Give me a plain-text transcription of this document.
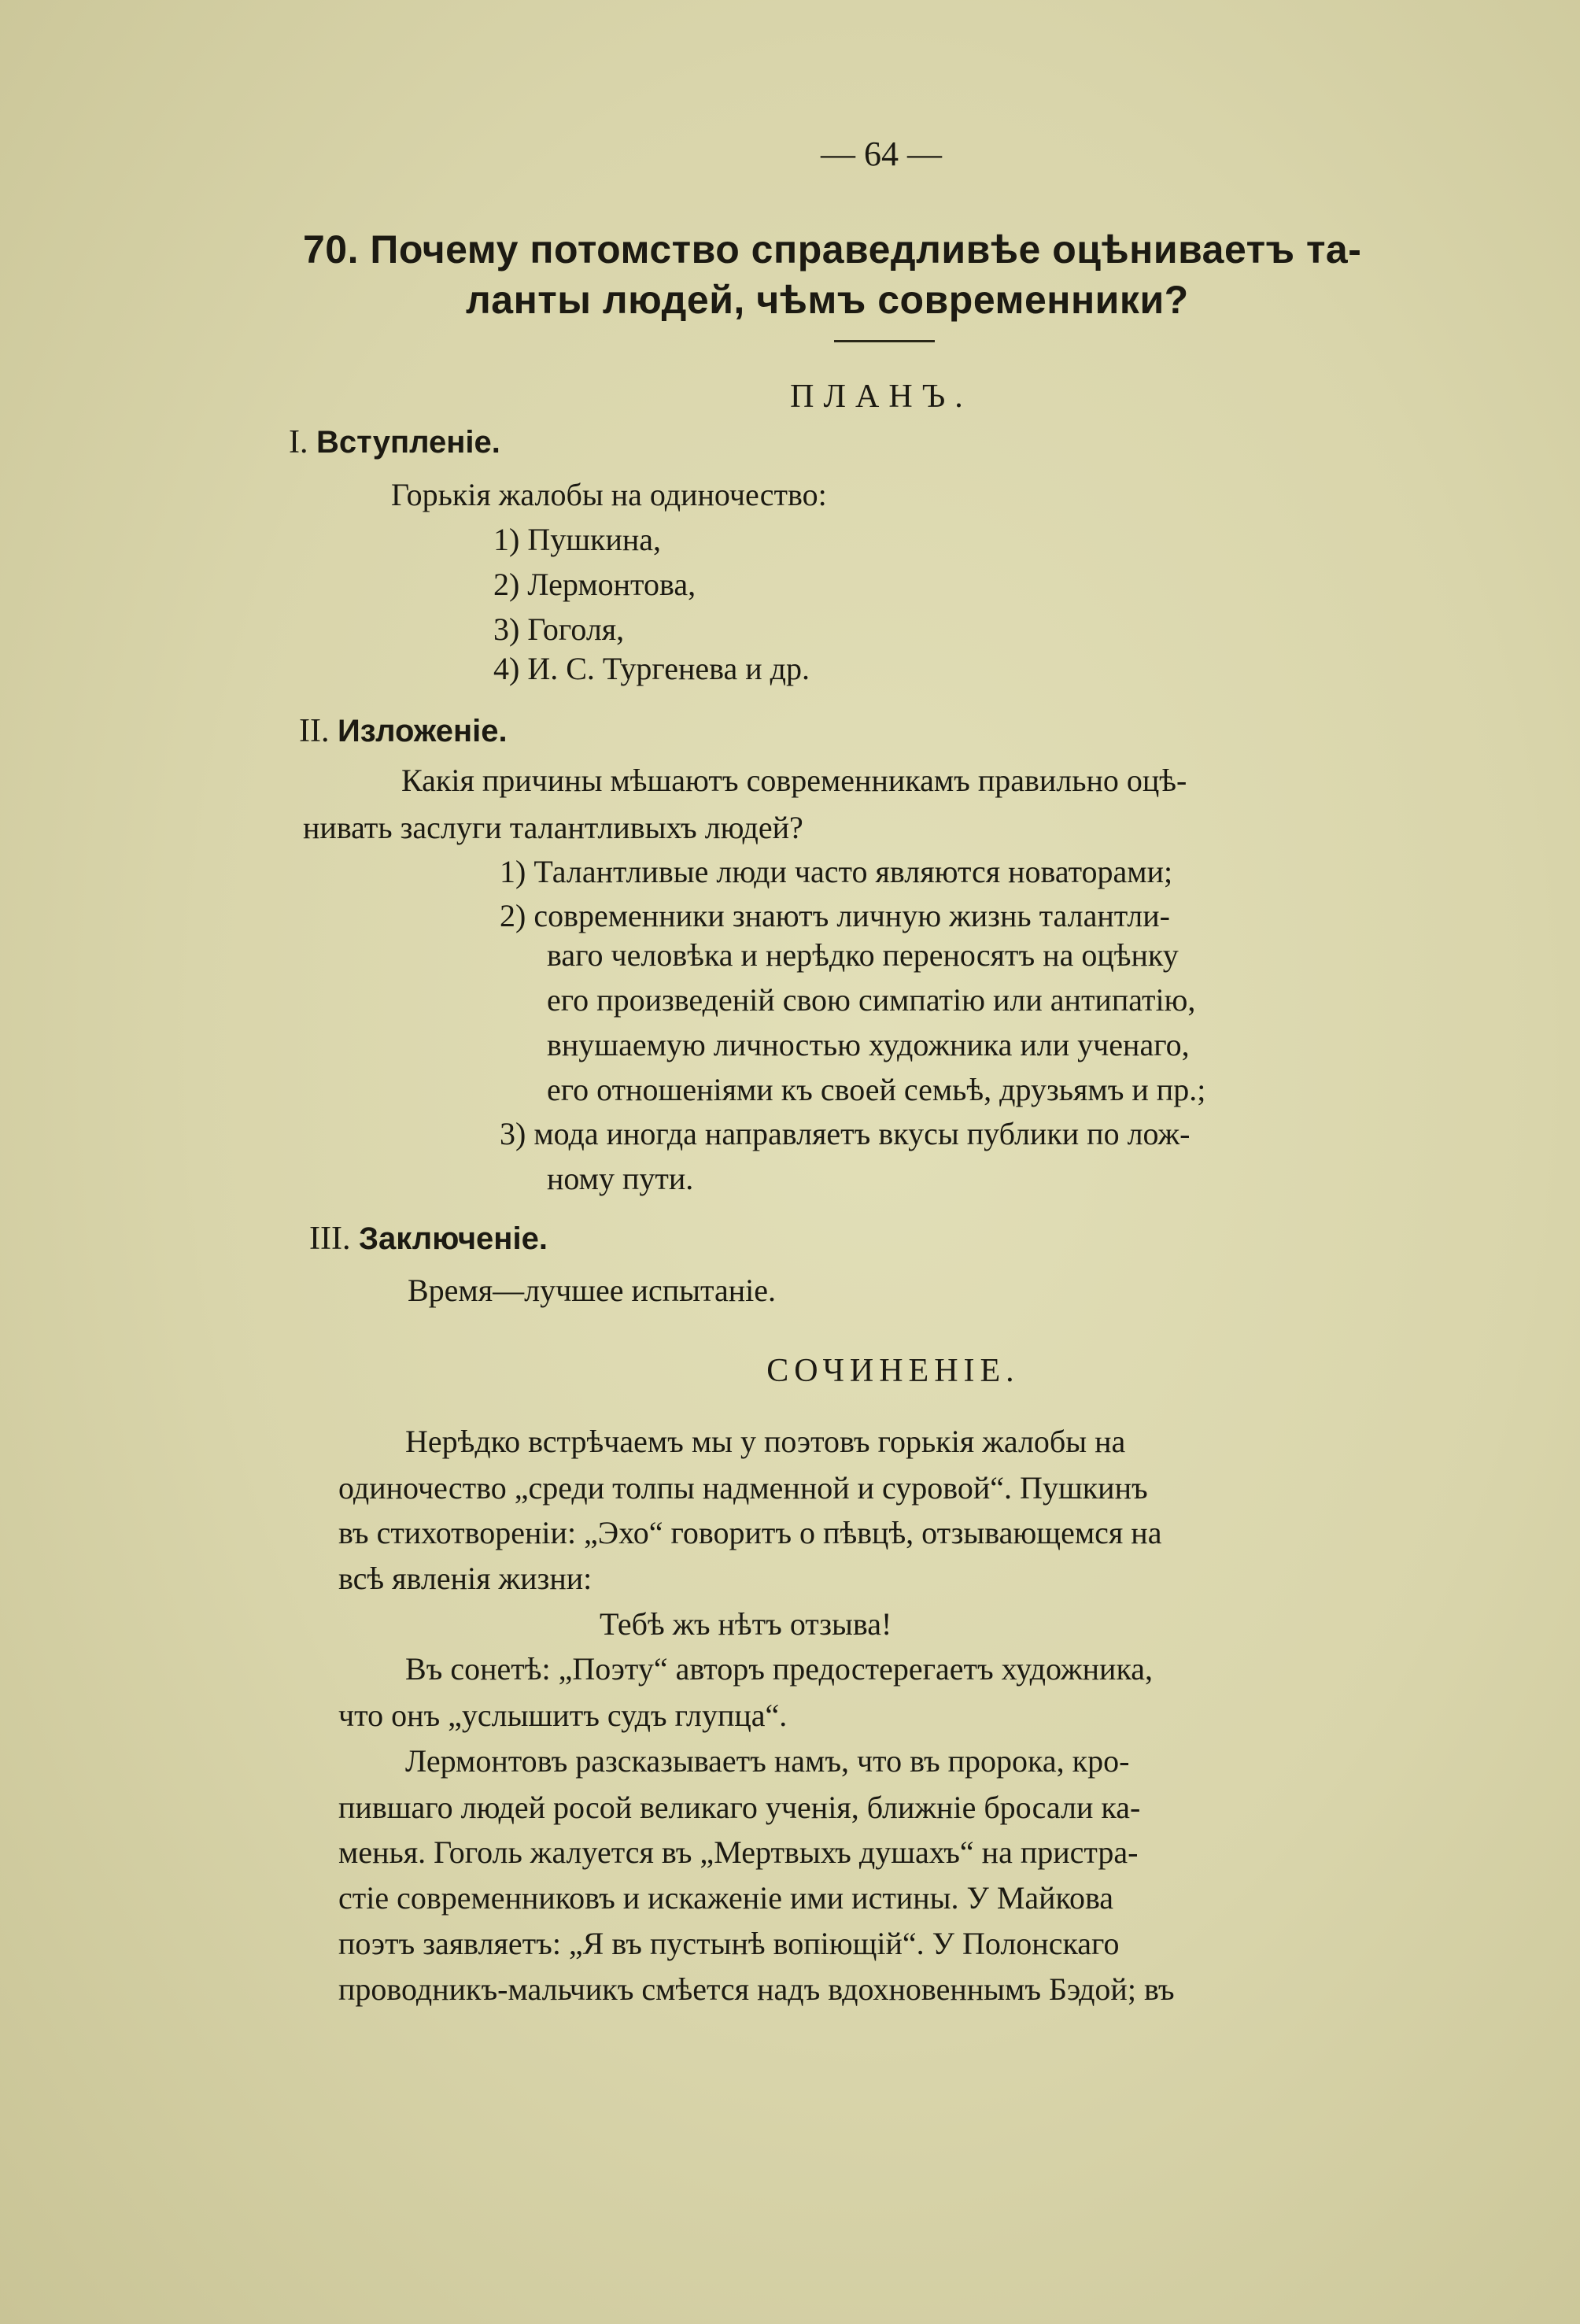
— 64 —
70. Почему потомство справедливѣе оцѣниваетъ та-
ланты людей, чѣмъ современники?
ПЛАНЪ.
I. Вступленіе.
Горькія жалобы на одиночество:
1) Пушкина,
2) Лермонтова,
3) Гоголя,
4) И. С. Тургенева и др.
II. Изложеніе.
Какія причины мѣшаютъ современникамъ правильно оцѣ-
нивать заслуги талантливыхъ людей?
1) Талантливые люди часто являются новаторами;
2) современники знаютъ личную жизнь талантли-
ваго человѣка и нерѣдко переносятъ на оцѣнку
его произведеній свою симпатію или антипатію,
внушаемую личностью художника или ученаго,
его отношеніями къ своей семьѣ, друзьямъ и пр.;
3) мода иногда направляетъ вкусы публики по лож-
ному пути.
III. Заключеніе.
Время—лучшее испытаніе.
СОЧИНЕНІЕ.
Нерѣдко встрѣчаемъ мы у поэтовъ горькія жалобы на
одиночество „среди толпы надменной и суровой“. Пушкинъ
въ стихотвореніи: „Эхо“ говоритъ о пѣвцѣ, отзывающемся на
всѣ явленія жизни:
Тебѣ жъ нѣтъ отзыва!
Въ сонетѣ: „Поэту“ авторъ предостерегаетъ художника,
что онъ „услышитъ судъ глупца“.
Лермонтовъ разсказываетъ намъ, что въ пророка, кро-
пившаго людей росой великаго ученія, ближніе бросали ка-
менья. Гоголь жалуется въ „Мертвыхъ душахъ“ на пристра-
стіе современниковъ и искаженіе ими истины. У Майкова
поэтъ заявляетъ: „Я въ пустынѣ вопіющій“. У Полонскаго
проводникъ-мальчикъ смѣется надъ вдохновеннымъ Бэдой; въ
